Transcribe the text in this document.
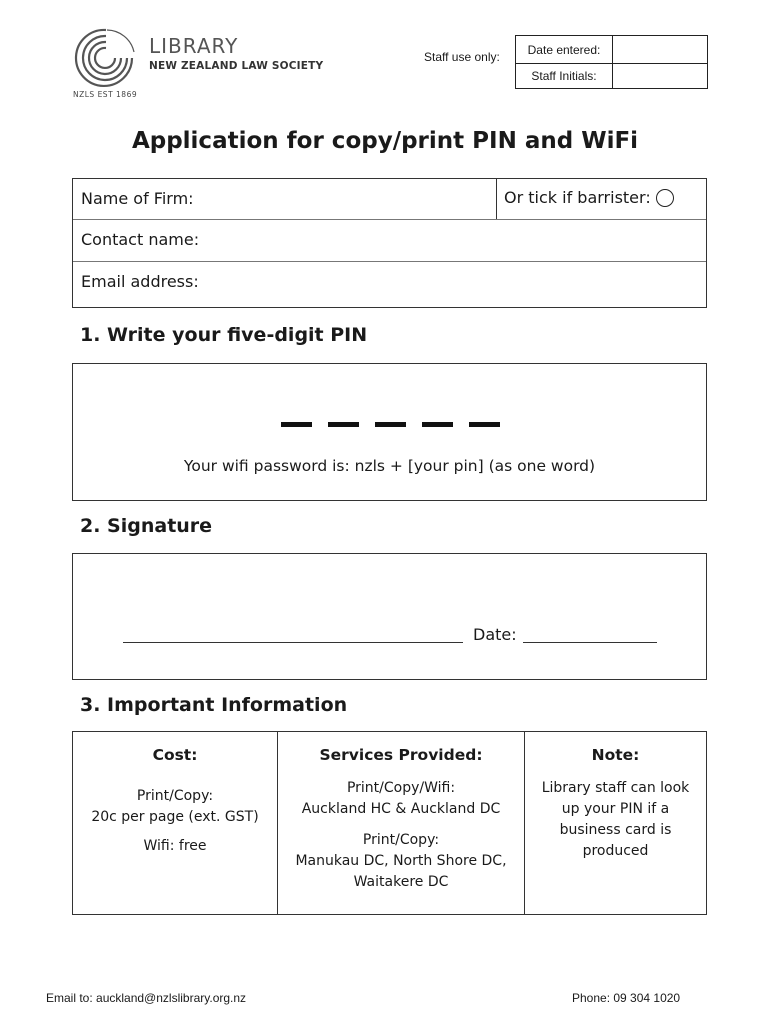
LIBRARY
NEW ZEALAND LAW SOCIETY
NZLS EST 1869
Staff use only:
Date entered:
Staff Initials:
Application for copy/print PIN and WiFi
Name of Firm:	Or tick if barrister:
Contact name:
Email address:
1. Write your five-digit PIN
Your wifi password is: nzls + [your pin] (as one word)
2. Signature
Date:
3. Important Information
Cost:
Print/Copy:
20c per page (ext. GST)
Wifi: free
Services Provided:
Print/Copy/Wifi:
Auckland HC & Auckland DC
Print/Copy:
Manukau DC, North Shore DC,
Waitakere DC
Note:
Library staff can look
up your PIN if a
business card is
produced
Email to: auckland@nzlslibrary.org.nz	Phone: 09 304 1020
